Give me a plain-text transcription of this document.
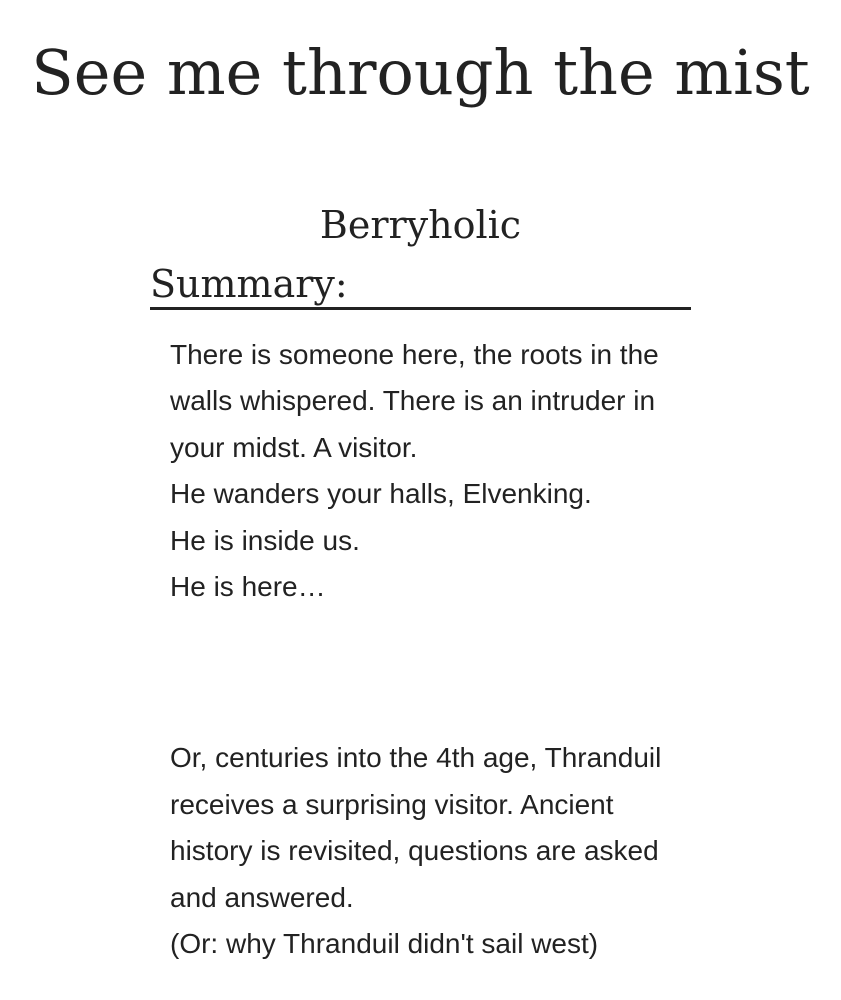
See me through the mist
Berryholic
Summary:

There is someone here, the roots in the walls whispered. There is an intruder in your midst. A visitor.

He wanders your halls, Elvenking.

He is inside us.

He is here…

Or, centuries into the 4th age, Thranduil receives a surprising visitor. Ancient history is revisited, questions are asked and answered.

(Or: why Thranduil didn't sail west)
